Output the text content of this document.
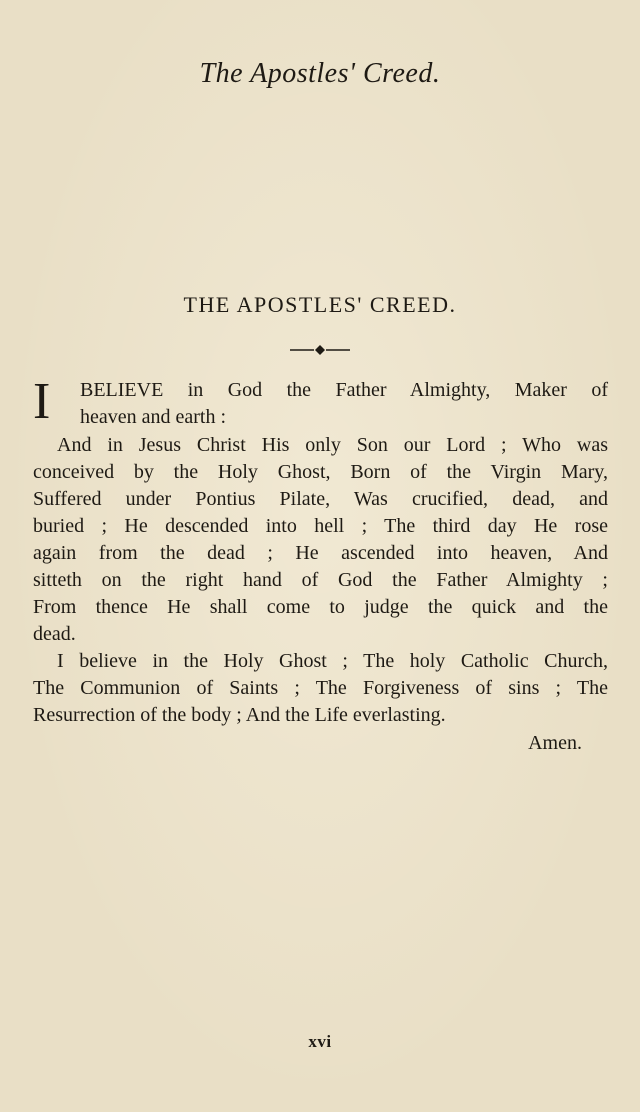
The Apostles' Creed.
THE APOSTLES' CREED.
I BELIEVE in God the Father Almighty, Maker of
heaven and earth :
And in Jesus Christ His only Son our Lord ; Who was
conceived by the Holy Ghost, Born of the Virgin Mary,
Suffered under Pontius Pilate, Was crucified, dead, and
buried ; He descended into hell ; The third day He rose
again from the dead ; He ascended into heaven, And
sitteth on the right hand of God the Father Almighty ;
From thence He shall come to judge the quick and the
dead.
I believe in the Holy Ghost ; The holy Catholic Church,
The Communion of Saints ; The Forgiveness of sins ; The
Resurrection of the body ; And the Life everlasting.
Amen.
xvi
